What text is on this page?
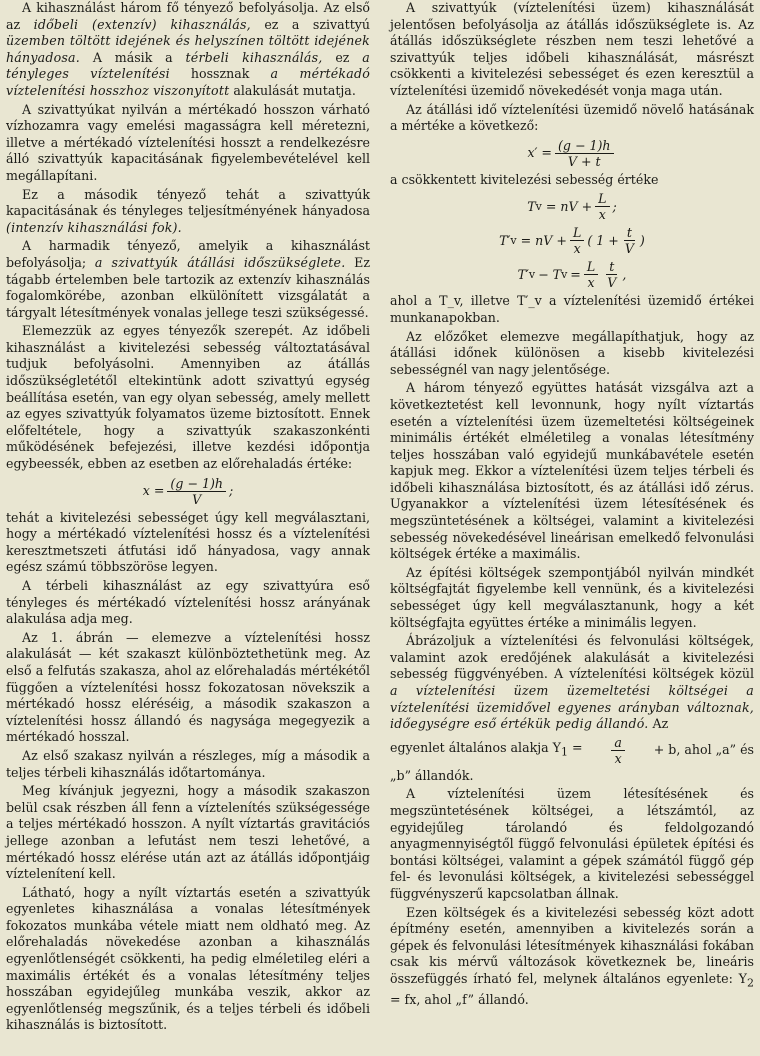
A kihasználást három fő tényező befolyásolja. Az első az időbeli (extenzív) kihasználás, ez a szivattyú üzemben töltött idejének és helyszínen töltött idejének hányadosa. A másik a térbeli kihasználás, ez a tényleges víztelenítési hossznak a mértékadó víztelenítési hosszhoz viszonyított alakulását mutatja.

A szivattyúkat nyilván a mértékadó hosszon várható vízhozamra vagy emelési magasságra kell méretezni, illetve a mértékadó víztelenítési hosszt a rendelkezésre álló szivattyúk kapacitásának figyelembevételével kell megállapítani.

Ez a második tényező tehát a szivattyúk kapacitásának és tényleges teljesítményének hányadosa (intenzív kihasználási fok).

A harmadik tényező, amelyik a kihasználást befolyásolja; a szivattyúk átállási időszükséglete. Ez tágabb értelemben bele tartozik az extenzív kihasználás fogalomkörébe, azonban elkülönített vizsgálatát a tárgyalt létesítmények vonalas jellege teszi szükségessé.

Elemezzük az egyes tényezők szerepét. Az időbeli kihasználást a kivitelezési sebesség változtatásával tudjuk befolyásolni. Amennyiben az átállás időszükségletétől eltekintünk adott szivattyú egység beállítása esetén, van egy olyan sebesség, amely mellett az egyes szivattyúk folyamatos üzeme biztosított. Ennek előfeltétele, hogy a szivattyúk szakaszonkénti működésének befejezési, illetve kezdési időpontja egybeessék, ebben az esetben az előrehaladás értéke:

$x = \frac{(g - 1)h}{V}$ ;

tehát a kivitelezési sebességet úgy kell megválasztani, hogy a mértékadó víztelenítési hossz és a víztelenítési keresztmetszeti átfutási idő hányadosa, vagy annak egész számú többszöröse legyen.

A térbeli kihasználást az egy szivattyúra eső tényleges és mértékadó víztelenítési hossz arányának alakulása adja meg.

Az 1. ábrán — elemezve a víztelenítési hossz alakulását — két szakaszt különböztethetünk meg. Az első a felfutás szakasza, ahol az előrehaladás mértékétől függően a víztelenítési hossz fokozatosan növekszik a mértékadó hossz eléréséig, a második szakaszon a víztelenítési hossz állandó és nagysága megegyezik a mértékadó hosszal.

Az első szakasz nyilván a részleges, míg a második a teljes térbeli kihasználás időtartománya.

Meg kívánjuk jegyezni, hogy a második szakaszon belül csak részben áll fenn a víztelenítés szükségessége a teljes mértékadó hosszon. A nyílt víztartás gravitációs jellege azonban a lefutást nem teszi lehetővé, a mértékadó hossz elérése után azt az átállás időpontjáig víztelenítení kell.

Látható, hogy a nyílt víztartás esetén a szivattyúk egyenletes kihasználása a vonalas létesítmények fokozatos munkába vétele miatt nem oldható meg. Az előrehaladás növekedése azonban a kihasználás egyenlőtlenségét csökkenti, ha pedig elméletileg eléri a maximális értékét és a vonalas létesítmény teljes hosszában egyidejűleg munkába veszik, akkor az egyenlőtlenség megszűnik, és a teljes térbeli és időbeli kihasználás is biztosított.

A szivattyúk (víztelenítési üzem) kihasználását jelentősen befolyásolja az átállás időszükséglete is. Az átállás időszükséglete részben nem teszi lehetővé a szivattyúk teljes időbeli kihasználását, másrészt csökkenti a kivitelezési sebességet és ezen keresztül a víztelenítési üzemidő növekedését vonja maga után.

Az átállási idő víztelenítési üzemidő növelő hatásának a mértéke a következő:

$x' = \frac{(g - 1)h}{V + t}$

a csökkentett kivitelezési sebesség értéke

T v = nV + $\frac{L}{x}$ ;
T′ v = nV + $\frac{L}{x}$ ( $1 + \frac{t}{V}$ )
T′ v − T $v = \frac{L}{x} \frac{t}{V}$ ,

ahol a T_v, illetve T′_v a víztelenítési üzemidő értékei munkanapokban.

Az előzőket elemezve megállapíthatjuk, hogy az átállási időnek különösen a kisebb kivitelezési sebességnél van nagy jelentősége.

A három tényező együttes hatását vizsgálva azt a következtetést kell levonnunk, hogy nyílt víztartás esetén a víztelenítési üzem üzemeltetési költségeinek minimális értékét elméletileg a vonalas létesítmény teljes hosszában való egyidejű munkábavétele esetén kapjuk meg. Ekkor a víztelenítési üzem teljes térbeli és időbeli kihasználása biztosított, és az átállási idő zérus. Ugyanakkor a víztelenítési üzem létesítésének és megszüntetésének a költségei, valamint a kivitelezési sebesség növekedésével lineárisan emelkedő felvonulási költségek értéke a maximális.

Az építési költségek szempontjából nyilván mindkét költségfajtát figyelembe kell vennünk, és a kivitelezési sebességet úgy kell megválasztanunk, hogy a két költségfajta együttes értéke a minimális legyen.

Ábrázoljuk a víztelenítési és felvonulási költségek, valamint azok eredőjének alakulását a kivitelezési sebesség függvényében. A víztelenítési költségek közül a víztelenítési üzem üzemeltetési költségei a víztelenítési üzemidővel egyenes arányban változnak, időegységre eső értékük pedig állandó. Az

egyenlet általános alakja $Y_1 = \frac{a}{x} + b$, ahol „a” és

„b” állandók.

A víztelenítési üzem létesítésének és megszüntetésének költségei, a létszámtól, az egyidejűleg tárolandó és feldolgozandó anyagmennyiségtől függő felvonulási épületek építési és bontási költségei, valamint a gépek számától függő gép fel- és levonulási költségek, a kivitelezési sebességgel függvényszerű kapcsolatban állnak.

Ezen költségek és a kivitelezési sebesség közt adott építmény esetén, amennyiben a kivitelezés során a gépek és felvonulási létesítmények kihasználási fokában csak kis mérvű változások következnek be, lineáris összefüggés írható fel, melynek általános egyenlete: $Y_2$ = fx, ahol „f” állandó.
